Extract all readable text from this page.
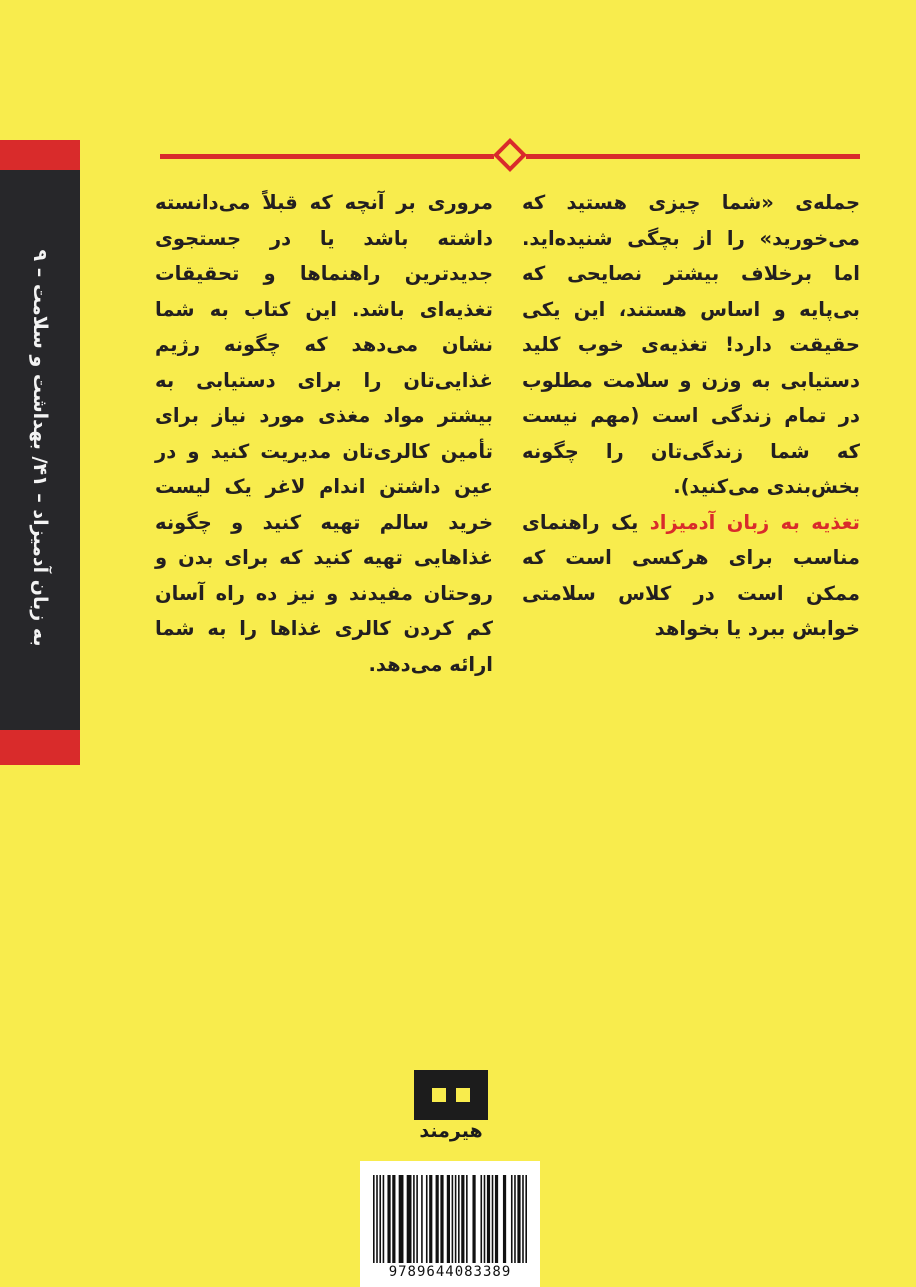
به زبان آدمیزاد – ۴۱/ بهداشت و سلامت – ۹

جمله‌ی «شما چیزی هستید که می‌خورید» را از بچگی شنیده‌اید. اما برخلاف بیشتر نصایحی که بی‌پایه و اساس هستند، این یکی حقیقت دارد! تغذیه‌ی خوب کلید دستیابی به وزن و سلامت مطلوب در تمام زندگی است (مهم نیست که شما زندگی‌تان را چگونه بخش‌بندی می‌کنید).

تغذیه به زبان آدمیزاد یک راهنمای مناسب برای هرکسی است که ممکن است در کلاس سلامتی خوابش ببرد یا بخواهد

مروری بر آنچه که قبلاً می‌دانسته داشته باشد یا در جستجوی جدیدترین راهنماها و تحقیقات تغذیه‌ای باشد. این کتاب به شما نشان می‌دهد که چگونه رژیم غذایی‌تان را برای دستیابی به بیشتر مواد مغذی مورد نیاز برای تأمین کالری‌تان مدیریت کنید و در عین داشتن اندام لاغر یک لیست خرید سالم تهیه کنید و چگونه غذاهایی تهیه کنید که برای بدن و روحتان مفیدند و نیز ده راه آسان کم کردن کالری غذاها را به شما ارائه می‌دهد.

هیرمند
9789644083389
